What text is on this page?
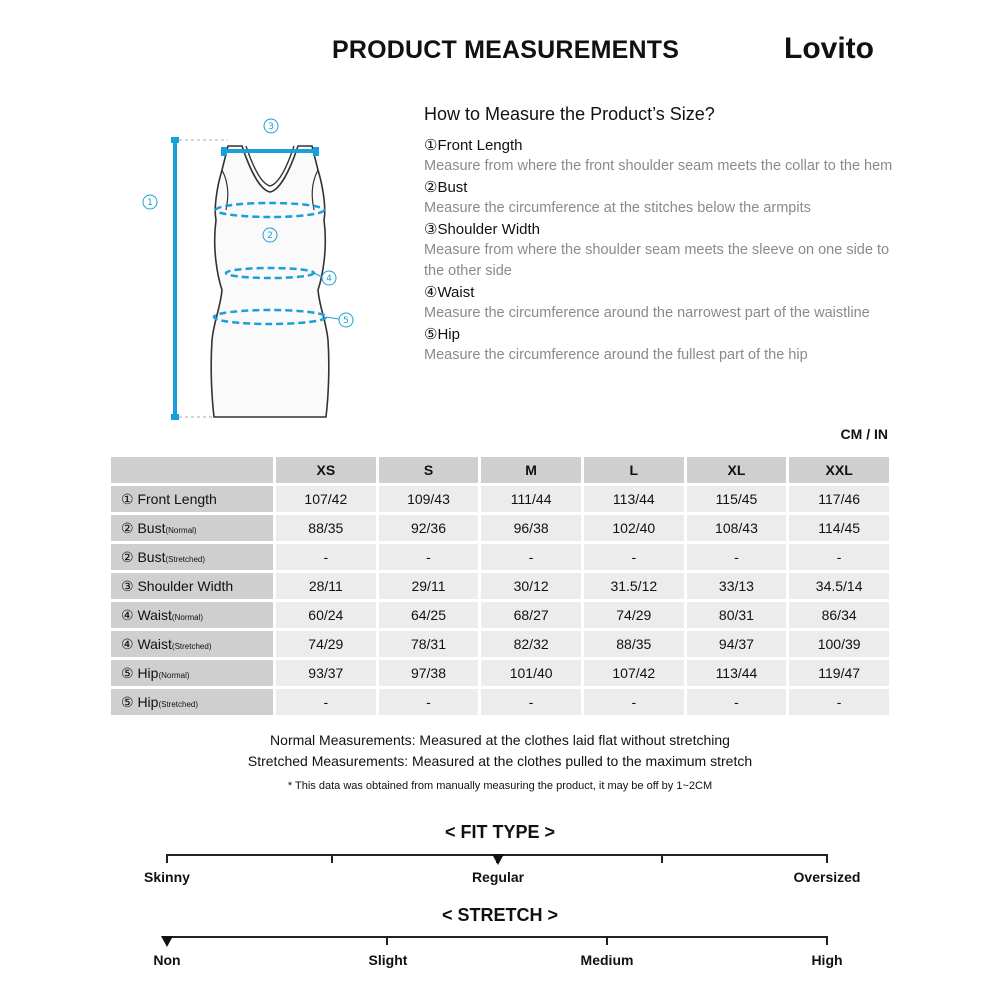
PRODUCT MEASUREMENTS	Lovito
1
2
3
4
5
How to Measure the Product’s Size?
①Front Length
Measure from where the front shoulder seam meets the collar to the hem
②Bust
Measure the circumference at the stitches below the armpits
③Shoulder Width
Measure from where the shoulder seam meets the sleeve on one side to the other side
④Waist
Measure the circumference around the narrowest part of the waistline
⑤Hip
Measure the circumference around the fullest part of the hip
CM / IN
	XS	S	M	L	XL	XXL
① Front Length	107/42	109/43	111/44	113/44	115/45	117/46
② Bust(Normal)	88/35	92/36	96/38	102/40	108/43	114/45
② Bust(Stretched)	-	-	-	-	-	-
③ Shoulder Width	28/11	29/11	30/12	31.5/12	33/13	34.5/14
④ Waist(Normal)	60/24	64/25	68/27	74/29	80/31	86/34
④ Waist(Stretched)	74/29	78/31	82/32	88/35	94/37	100/39
⑤ Hip(Normal)	93/37	97/38	101/40	107/42	113/44	119/47
⑤ Hip(Stretched)	-	-	-	-	-	-
Normal Measurements: Measured at the clothes laid flat without stretching
Stretched Measurements: Measured at the clothes pulled to the maximum stretch
* This data was obtained from manually measuring the product, it may be off by 1~2CM
< FIT TYPE >
Skinny	Regular	Oversized
< STRETCH >
Non	Slight	Medium	High
